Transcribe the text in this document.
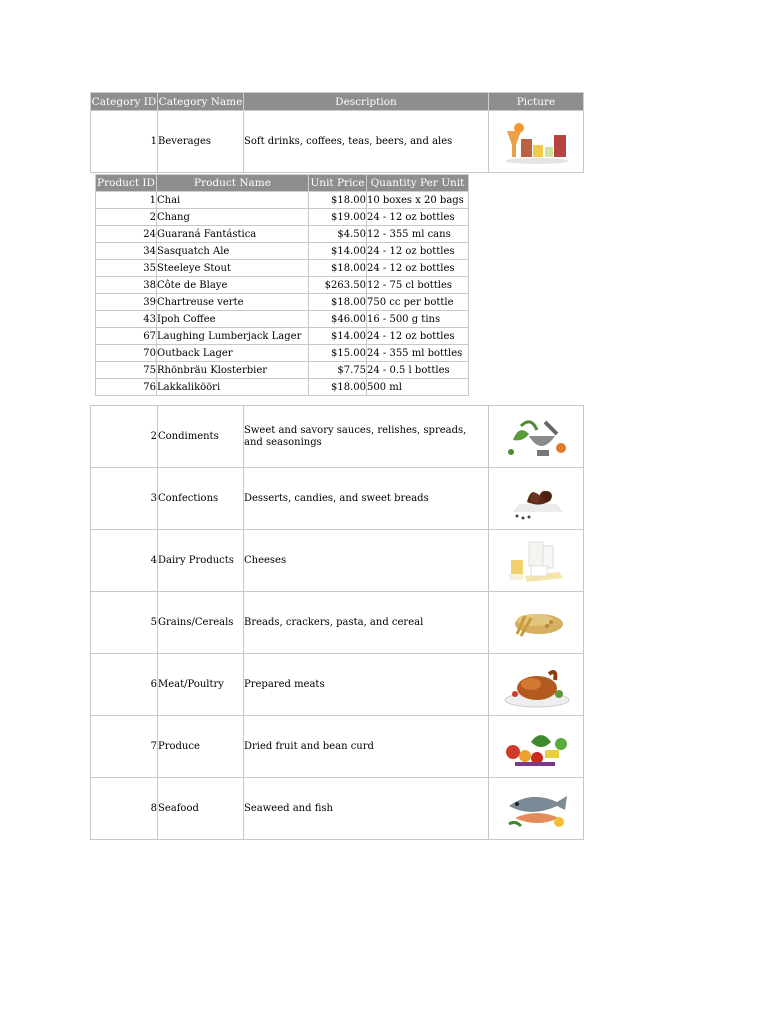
Category ID	Category Name	Description	Picture
1	Beverages	Soft drinks, coffees, teas, beers, and ales	
Product ID	Product Name	Unit Price	Quantity Per Unit
1	Chai	$18.00	10 boxes x 20 bags
2	Chang	$19.00	24 - 12 oz bottles
24	Guaraná Fantástica	$4.50	12 - 355 ml cans
34	Sasquatch Ale	$14.00	24 - 12 oz bottles
35	Steeleye Stout	$18.00	24 - 12 oz bottles
38	Côte de Blaye	$263.50	12 - 75 cl bottles
39	Chartreuse verte	$18.00	750 cc per bottle
43	Ipoh Coffee	$46.00	16 - 500 g tins
67	Laughing Lumberjack Lager	$14.00	24 - 12 oz bottles
70	Outback Lager	$15.00	24 - 355 ml bottles
75	Rhönbräu Klosterbier	$7.75	24 - 0.5 l bottles
76	Lakkalikööri	$18.00	500 ml
2	Condiments	Sweet and savory sauces, relishes, spreads, and seasonings	

3	Confections	Desserts, candies, and sweet breads	

4	Dairy Products	Cheeses	

5	Grains/Cereals	Breads, crackers, pasta, and cereal	

6	Meat/Poultry	Prepared meats	

7	Produce	Dried fruit and bean curd	

8	Seafood	Seaweed and fish	
